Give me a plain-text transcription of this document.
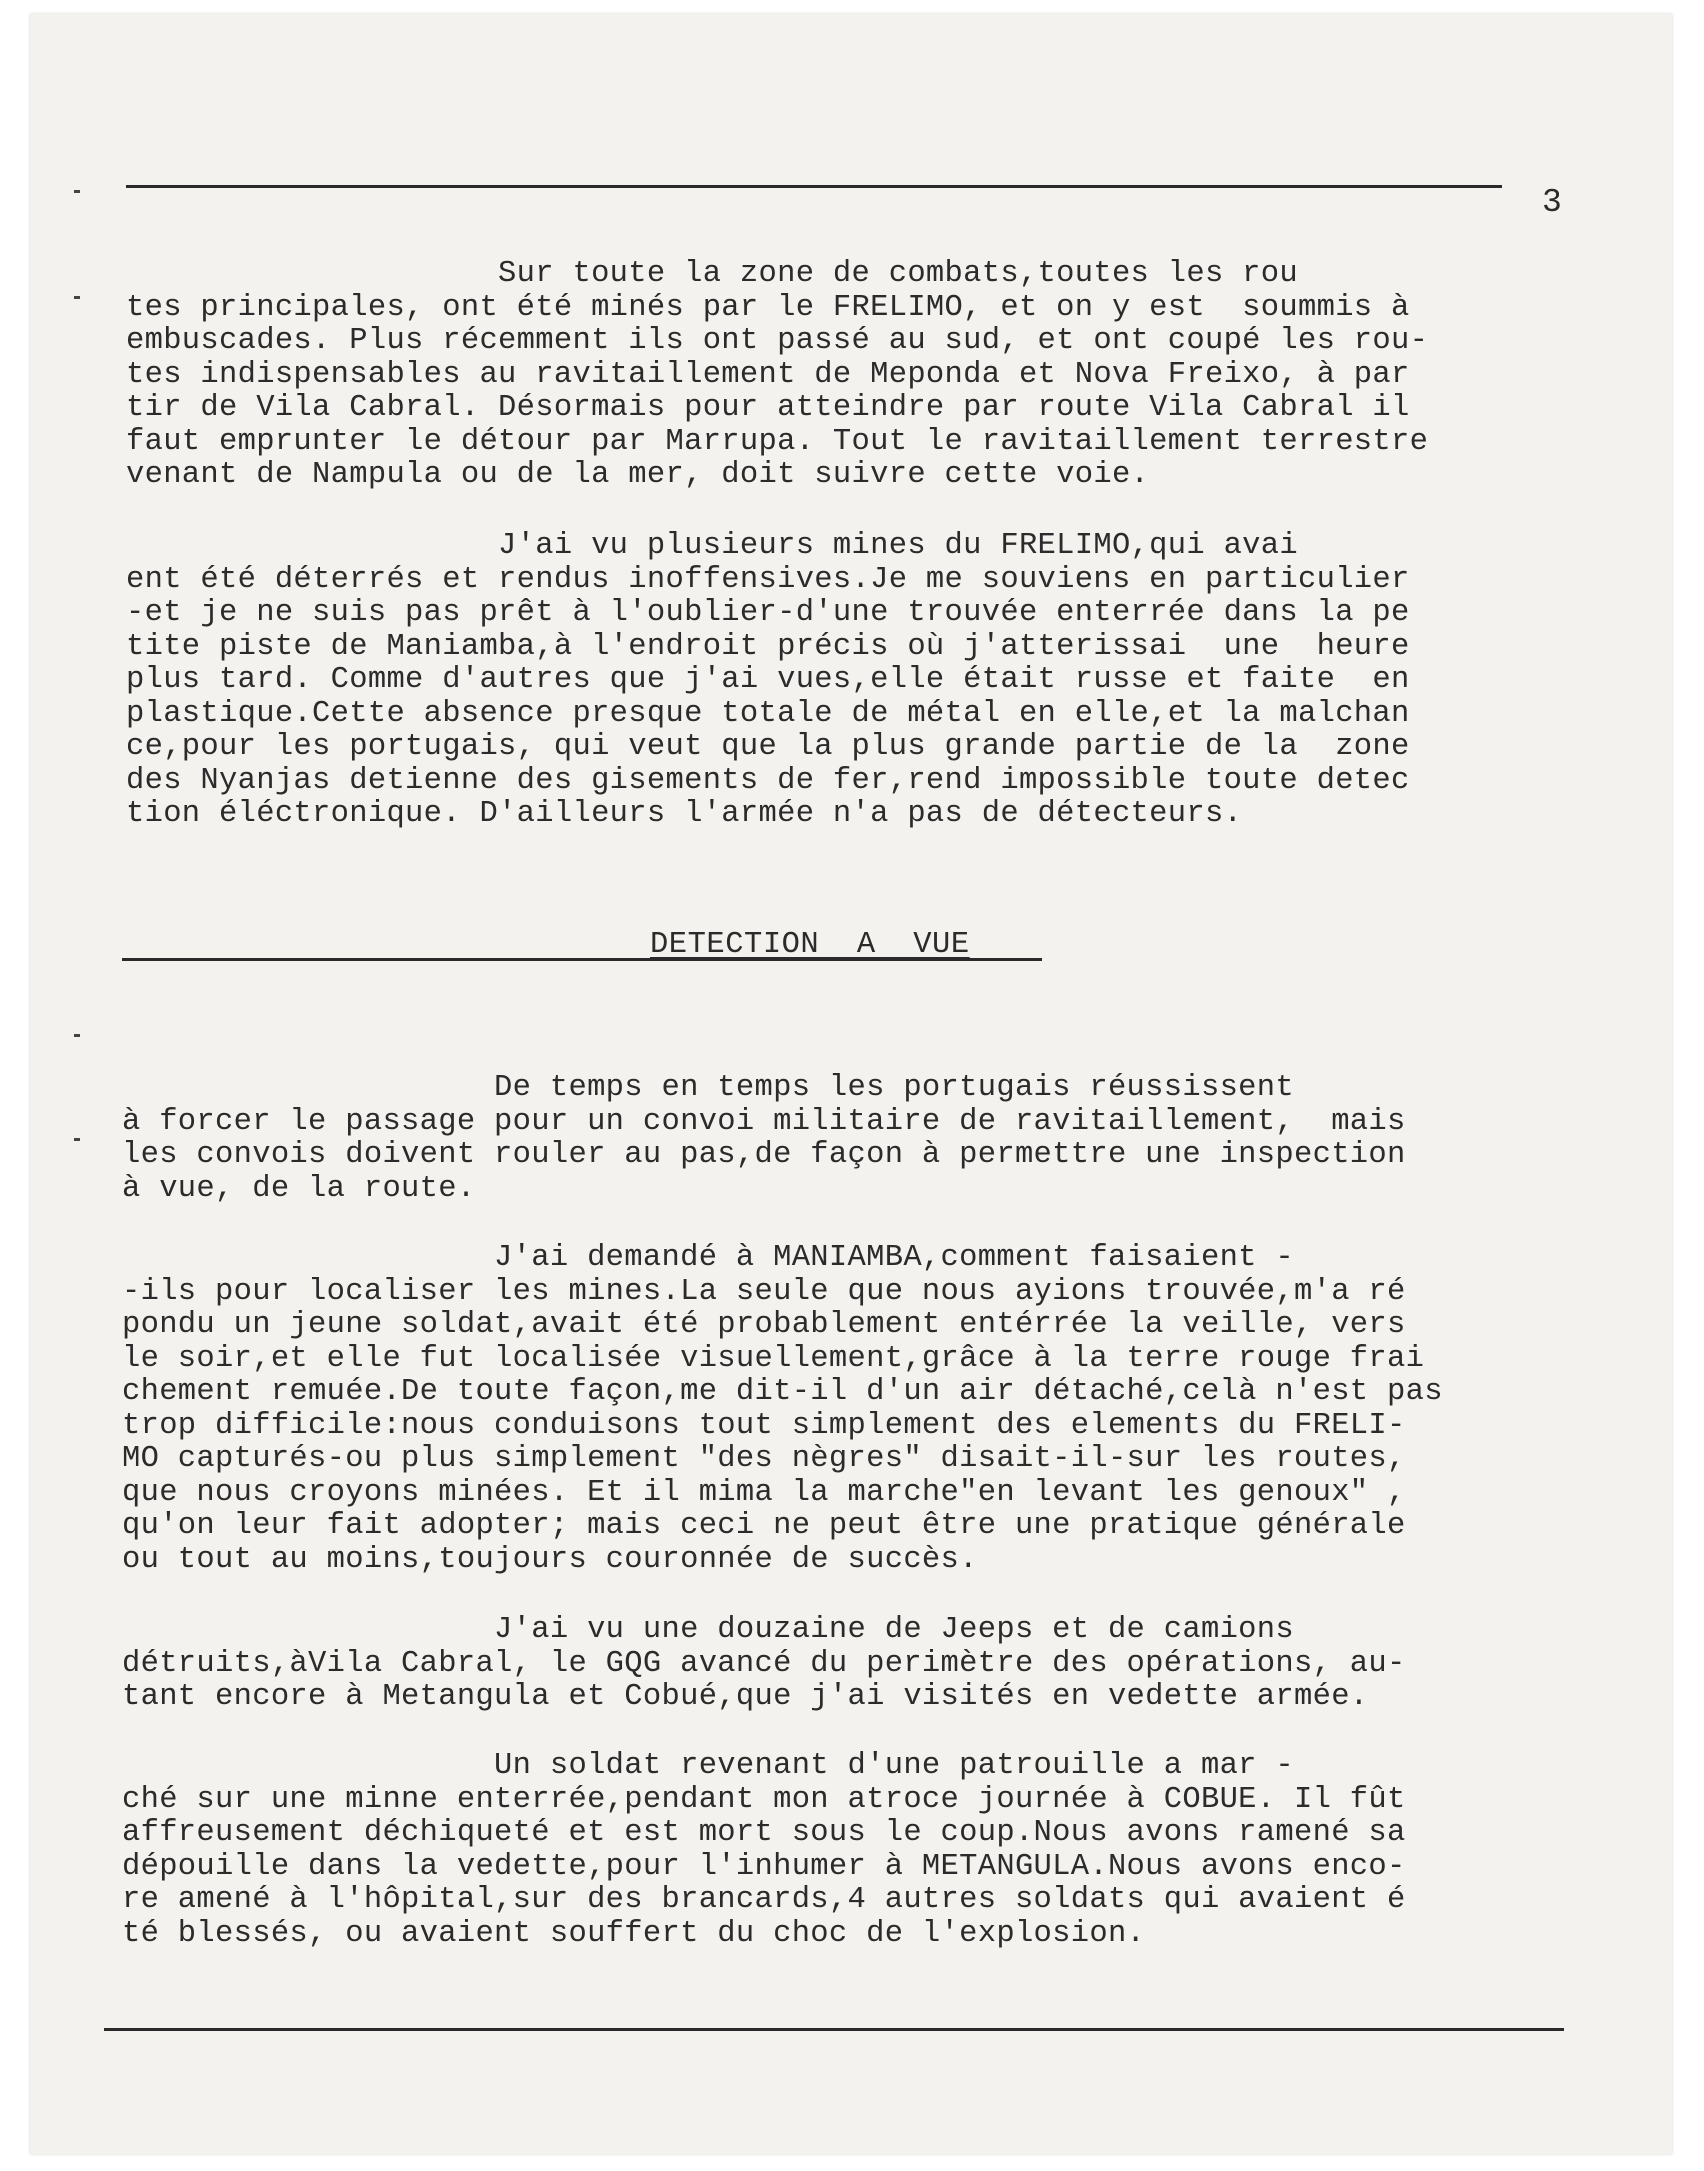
3
Sur toute la zone de combats,toutes les rou
tes principales, ont été minés par le FRELIMO, et on y est  soummis à
embuscades. Plus récemment ils ont passé au sud, et ont coupé les rou-
tes indispensables au ravitaillement de Meponda et Nova Freixo, à par
tir de Vila Cabral. Désormais pour atteindre par route Vila Cabral il
faut emprunter le détour par Marrupa. Tout le ravitaillement terrestre
venant de Nampula ou de la mer, doit suivre cette voie.
J'ai vu plusieurs mines du FRELIMO,qui avai
ent été déterrés et rendus inoffensives.Je me souviens en particulier
-et je ne suis pas prêt à l'oublier-d'une trouvée enterrée dans la pe
tite piste de Maniamba,à l'endroit précis où j'atterissai  une  heure
plus tard. Comme d'autres que j'ai vues,elle était russe et faite  en
plastique.Cette absence presque totale de métal en elle,et la malchan
ce,pour les portugais, qui veut que la plus grande partie de la  zone
des Nyanjas detienne des gisements de fer,rend impossible toute detec
tion éléctronique. D'ailleurs l'armée n'a pas de détecteurs.
DETECTION  A  VUE
De temps en temps les portugais réussissent
à forcer le passage pour un convoi militaire de ravitaillement,  mais
les convois doivent rouler au pas,de façon à permettre une inspection
à vue, de la route.
J'ai demandé à MANIAMBA,comment faisaient -
-ils pour localiser les mines.La seule que nous ayions trouvée,m'a ré
pondu un jeune soldat,avait été probablement entérrée la veille, vers
le soir,et elle fut localisée visuellement,grâce à la terre rouge frai
chement remuée.De toute façon,me dit-il d'un air détaché,celà n'est pas
trop difficile:nous conduisons tout simplement des elements du FRELI-
MO capturés-ou plus simplement "des nègres" disait-il-sur les routes,
que nous croyons minées. Et il mima la marche"en levant les genoux" ,
qu'on leur fait adopter; mais ceci ne peut être une pratique générale
ou tout au moins,toujours couronnée de succès.
J'ai vu une douzaine de Jeeps et de camions
détruits,àVila Cabral, le GQG avancé du perimètre des opérations, au-
tant encore à Metangula et Cobué,que j'ai visités en vedette armée.
Un soldat revenant d'une patrouille a mar -
ché sur une minne enterrée,pendant mon atroce journée à COBUE. Il fût
affreusement déchiqueté et est mort sous le coup.Nous avons ramené sa
dépouille dans la vedette,pour l'inhumer à METANGULA.Nous avons enco-
re amené à l'hôpital,sur des brancards,4 autres soldats qui avaient é
té blessés, ou avaient souffert du choc de l'explosion.
